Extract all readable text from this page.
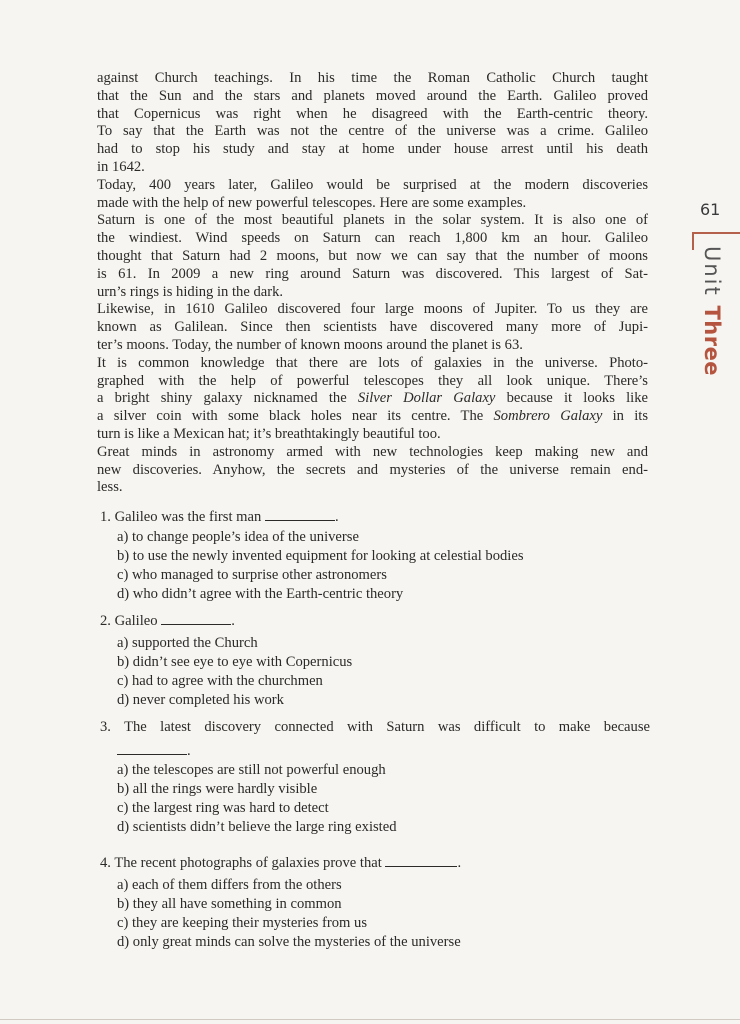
against Church teachings. In his time the Roman Catholic Church taught
that the Sun and the stars and planets moved around the Earth. Galileo proved
that Copernicus was right when he disagreed with the Earth-centric theory.
To say that the Earth was not the centre of the universe was a crime. Galileo
had to stop his study and stay at home under house arrest until his death
in 1642.
Today, 400 years later, Galileo would be surprised at the modern discoveries
made with the help of new powerful telescopes. Here are some examples.
Saturn is one of the most beautiful planets in the solar system. It is also one of
the windiest. Wind speeds on Saturn can reach 1,800 km an hour. Galileo
thought that Saturn had 2 moons, but now we can say that the number of moons
is 61. In 2009 a new ring around Saturn was discovered. This largest of Sat-
urn’s rings is hiding in the dark.
Likewise, in 1610 Galileo discovered four large moons of Jupiter. To us they are
known as Galilean. Since then scientists have discovered many more of Jupi-
ter’s moons. Today, the number of known moons around the planet is 63.
It is common knowledge that there are lots of galaxies in the universe. Photo-
graphed with the help of powerful telescopes they all look unique. There’s
a bright shiny galaxy nicknamed the Silver Dollar Galaxy because it looks like
a silver coin with some black holes near its centre. The Sombrero Galaxy in its
turn is like a Mexican hat; it’s breathtakingly beautiful too.
Great minds in astronomy armed with new technologies keep making new and
new discoveries. Anyhow, the secrets and mysteries of the universe remain end-
less.
1. Galileo was the first man	.
a) to change people’s idea of the universe
b) to use the newly invented equipment for looking at celestial bodies
c) who managed to surprise other astronomers
d) who didn’t agree with the Earth-centric theory
2. Galileo	.
a) supported the Church
b) didn’t see eye to eye with Copernicus
c) had to agree with the churchmen
d) never completed his work
3. The latest discovery connected with Saturn was difficult to make because
.
a) the telescopes are still not powerful enough
b) all the rings were hardly visible
c) the largest ring was hard to detect
d) scientists didn’t believe the large ring existed
4. The recent photographs of galaxies prove that	.
a) each of them differs from the others
b) they all have something in common
c) they are keeping their mysteries from us
d) only great minds can solve the mysteries of the universe
61
Unit Three
